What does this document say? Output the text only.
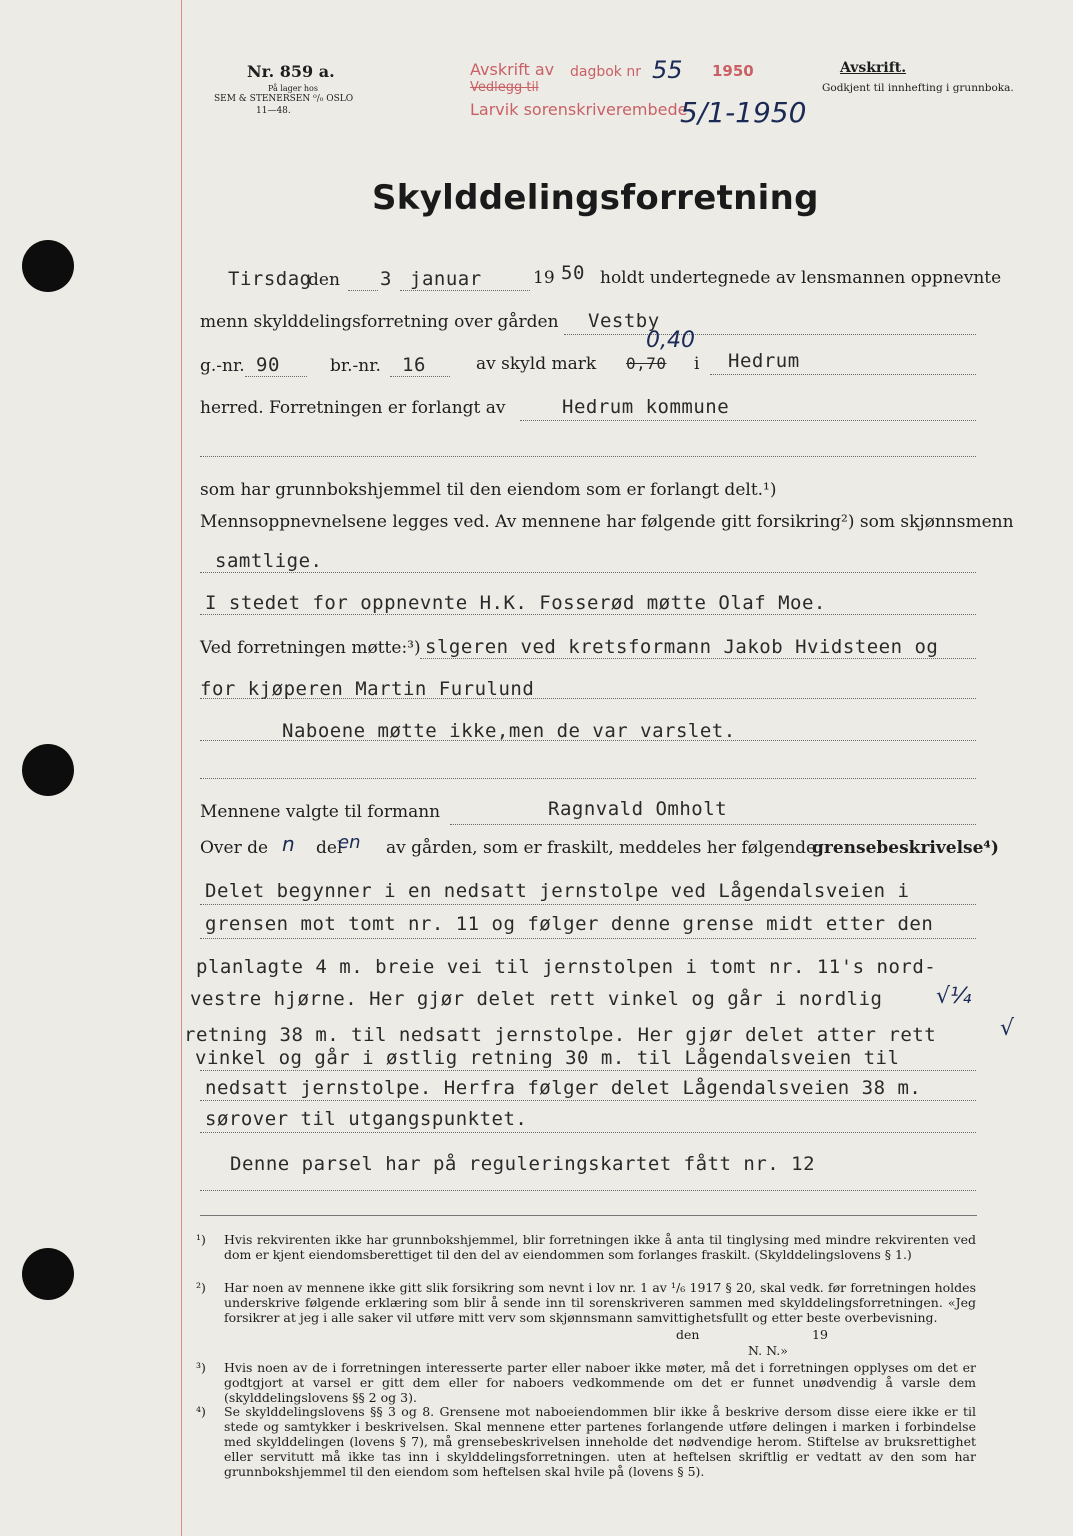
Nr. 859 a.
På lager hos
SEM & STENERSEN ⁰/₀ OSLO
11—48.
Avskrift av dagbok nr
Vedlegg til
Larvik sorenskriverembede
55 1950
5/1-1950
Avskrift.
Godkjent til innhefting i grunnboka.
Skylddelingsforretning
Tirsdag
den 3 januar	19 50 holdt undertegnede av lensmannen oppnevnte
menn skylddelingsforretning over gården Vestby
g.-nr. 90	br.-nr. 16	av skyld mark
0,40
0,70 i Hedrum
herred. Forretningen er forlangt av	Hedrum kommune
som har grunnbokshjemmel til den eiendom som er forlangt delt.¹)
Mennsoppnevnelsene legges ved. Av mennene har følgende gitt forsikring²) som skjønnsmenn
samtlige.
I stedet for oppnevnte H.K. Fosserød møtte Olaf Moe.
Ved forretningen møtte:³) slgeren ved kretsformann Jakob Hvidsteen og
for kjøperen Martin Furulund
Naboene møtte ikke,men de var varslet.
Mennene valgte til formann	Ragnvald Omholt
Over de n del
en av gården, som er fraskilt, meddeles her følgende
grensebeskrivelse⁴)
Delet begynner i en nedsatt jernstolpe ved Lågendalsveien i
grensen mot tomt nr. 11 og følger denne grense midt etter den
planlagte 4 m. breie vei til jernstolpen i tomt nr. 11's nord-
vestre hjørne. Her gjør delet rett vinkel og går i nordlig √¼
retning 38 m. til nedsatt jernstolpe. Her gjør delet atter rett	√
vinkel og går i østlig retning 30 m. til Lågendalsveien til
nedsatt jernstolpe. Herfra følger delet Lågendalsveien 38 m.
sørover til utgangspunktet.
Denne parsel har på reguleringskartet fått nr. 12
¹) Hvis rekvirenten ikke har grunnbokshjemmel, blir forretningen ikke å anta til tinglysing med mindre rekvirenten ved dom er kjent eiendomsberettiget til den del av eiendommen som forlanges fraskilt. (Skylddelingslovens § 1.)
²) Har noen av mennene ikke gitt slik forsikring som nevnt i lov nr. 1 av ¹/₆ 1917 § 20, skal vedk. før forretningen holdes underskrive følgende erklæring som blir å sende inn til sorenskriveren sammen med skylddelingsforretningen. «Jeg forsikrer at jeg i alle saker vil utføre mitt verv som skjønnsmann samvittighetsfullt og etter beste overbevisning.
den	19
N. N.»
³) Hvis noen av de i forretningen interesserte parter eller naboer ikke møter, må det i forretningen opplyses om det er godtgjort at varsel er gitt dem eller for naboers vedkommende om det er funnet unødvendig å varsle dem (skylddelingslovens §§ 2 og 3).
⁴) Se skylddelingslovens §§ 3 og 8. Grensene mot naboeiendommen blir ikke å beskrive dersom disse eiere ikke er til stede og samtykker i beskrivelsen. Skal mennene etter partenes forlangende utføre delingen i marken i forbindelse med skylddelingen (lovens § 7), må grensebeskrivelsen inneholde det nødvendige herom. Stiftelse av bruksrettighet eller servitutt må ikke tas inn i skylddelingsforretningen. uten at heftelsen skriftlig er vedtatt av den som har grunnbokshjemmel til den eiendom som heftelsen skal hvile på (lovens § 5).
